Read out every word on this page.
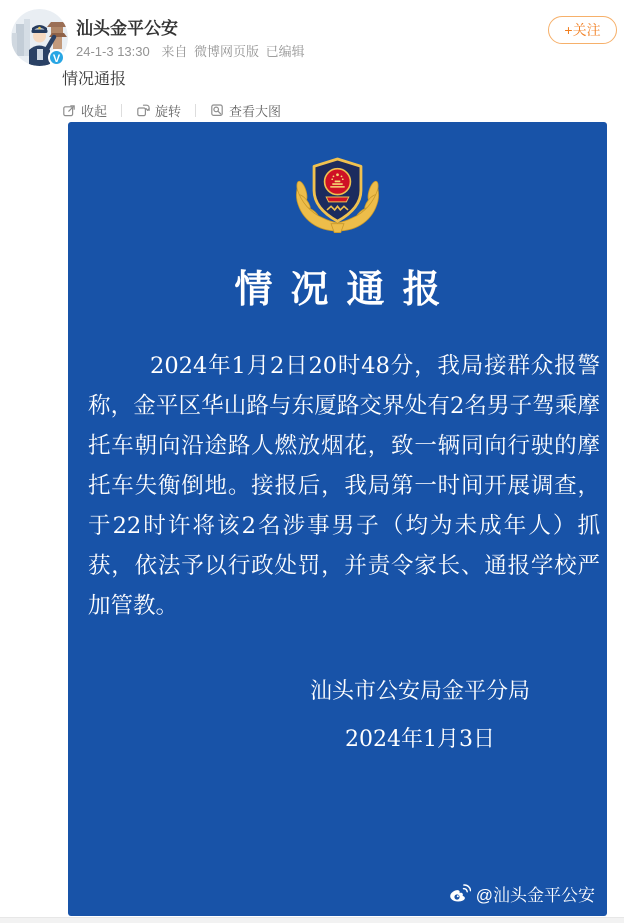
V
汕头金平公安
24-1-3 13:30 来自 微博网页版 已编辑
+关注
情况通报
收起	旋转	查看大图
情况通报
2024年1月2日20时48分，我局接群众报警称，金平区华山路与东厦路交界处有2名男子驾乘摩托车朝向沿途路人燃放烟花，致一辆同向行驶的摩托车失衡倒地。接报后，我局第一时间开展调查，于22时许将该2名涉事男子（均为未成年人）抓获，依法予以行政处罚，并责令家长、通报学校严加管教。
汕头市公安局金平分局
2024年1月3日
@汕头金平公安
